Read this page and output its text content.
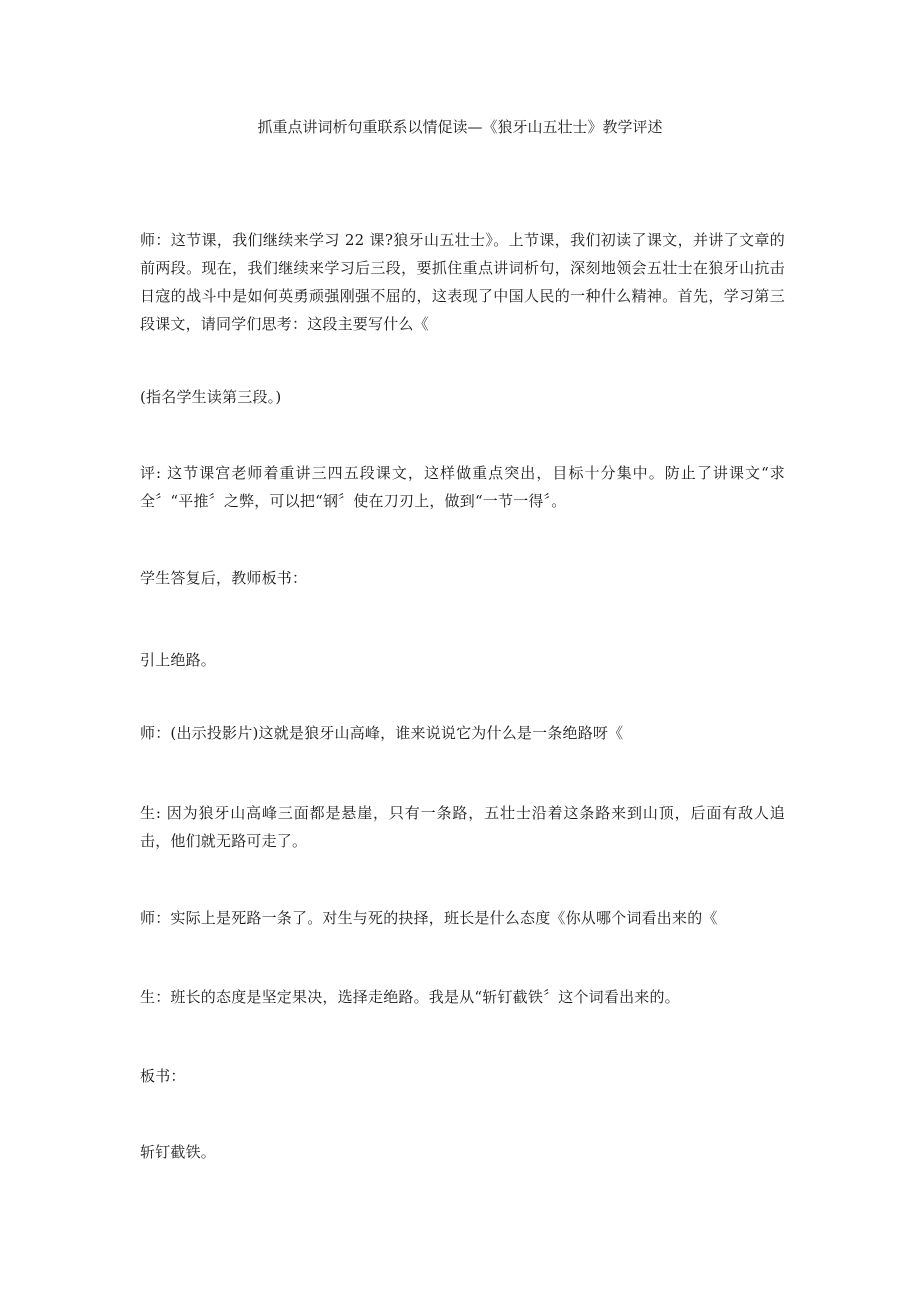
抓重点讲词析句重联系以情促读—《狼牙山五壮士》教学评述

师：这节课，我们继续来学习 22 课?狼牙山五壮士》。上节课，我们初读了课文，并讲了文章的前两段。现在，我们继续来学习后三段，要抓住重点讲词析句，深刻地领会五壮士在狼牙山抗击日寇的战斗中是如何英勇顽强刚强不屈的，这表现了中国人民的一种什么精神。首先，学习第三段课文，请同学们思考：这段主要写什么《

(指名学生读第三段。)

评: 这节课宫老师着重讲三四五段课文，这样做重点突出，目标十分集中。防止了讲课文“求全〞“平推〞之弊，可以把“钢〞使在刀刃上，做到“一节一得〞。

学生答复后，教师板书：

引上绝路。

师：(出示投影片)这就是狼牙山高峰，谁来说说它为什么是一条绝路呀《

生: 因为狼牙山高峰三面都是悬崖，只有一条路，五壮士沿着这条路来到山顶，后面有敌人追击，他们就无路可走了。

师：实际上是死路一条了。对生与死的抉择，班长是什么态度《你从哪个词看出来的《

生：班长的态度是坚定果决，选择走绝路。我是从“斩钉截铁〞这个词看出来的。

板书：

斩钉截铁。
